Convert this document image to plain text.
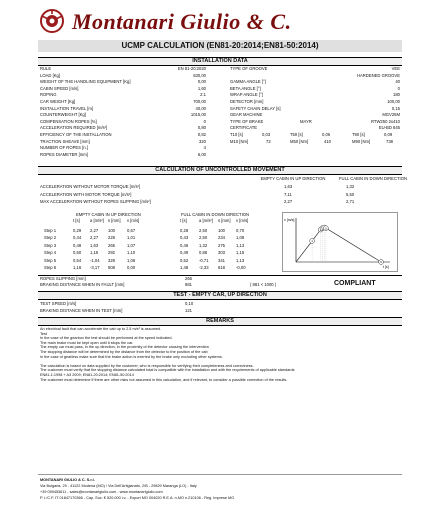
Montanari Giulio & C.
UCMP CALCULATION (EN81-20:2014;EN81-50:2014)
INSTALLATION DATA
RULE	EN 81-20:2020
LOAD [Kg]	630,00
WEIGHT OF THE HANDLING EQUIPMENT [Kg]	0,00
CABIN SPEED [m/s]	1,60
ROPING	2:1
CAR WEIGHT [Kg]	700,00
INSTALLATION TRAVEL [m]	40,00
COUNTERWEIGHT [Kg]	1015,00
COMPENSATION ROPES [%]	0
ACCELERATION REQUIRED [m/s²]	0,80
EFFICIENCY OF THE INSTALLATION	0,82
TRACTION SHEAVE [mm]	320
NUMBER OF ROPES [n.]	4
ROPES DIAMETER [mm]	6,00
TYPE OF GROOVE	VEE
HARDENED GROOVE
GAMMA ANGLE [°]	40
BETA ANGLE [°]	0
WRAP ANGLE [°]	180
DETECTOR [mm]	100,00
SAFETY CHAIN DELAY [s]	0,15
GEAR MACHINE	MGV25M
TYPE OF BRAKE	RTW250 2x410
CERTIFICATE	EU-BD 845
MAYR
T10 [s]	0,03	T50 [s]	0,06	T90 [s]	0,09
M10 [Nm]	72	M50 [Nm]	410	M90 [Nm]	738
CALCULATION OF UNCONTROLLED MOVEMENT
EMPTY CABIN IN UP DIRECTION	FULL CABIN IN DOWN DIRECTION
ACCELERATION WITHOUT MOTOR TORQUE [m/s²]	1,63	1,32
ACCELERATION WITH MOTOR TORQUE [m/s²]	7,11	5,50
MAX ACCELERATION WITHOUT ROPES SLIPPING [m/s²]	2,27	2,71
EMPTY CABIN IN UP DIRECTION	FULL CABIN IN DOWN DIRECTION
t [s]	t [s]
a [m/s²]	a [m/s²]
s [mm]	s [mm]
v [m/s]	v [m/s]
Step 1	0,29 2,27 100	0,67	0,28	2,50	100	0,70
Step 2	0,44 2,27 228	1,01	0,43	2,50	234	1,08
Step 3	0,48 1,63 265	1,07	0,46	1,32	275	1,13
Step 4	0,50 1,16 292	1,10	0,49	0,86	303	1,15
Step 5	0,54 -1,04 328	1,06	0,52	-0,71 341	1,13
Step 6	1,16 -3,17 508	0,00	1,48	-2,33 618	-0,00
v [m/s]
t [s]
1
5
6
ROPES SLIPPING [mm]	266
BRAKING DISTANCE WHEN IN FAULT [mm]	881	( 881 < 1000 )	COMPLIANT
TEST - EMPTY CAR, UP DIRECTION
TEST SPEED [m/s]	0,10
BRAKING DISTANCE WHEN IN TEST [mm]	121
REMARKS
An electrical fault that can accelerate the cab up to 2.5 m/s² is assumed.
Test
In the case of the gearbox the test should be performed at the speed indicated.
The main brake must be kept open until it stops the car.
The empty car must pass, in the up direction, in the proximity of the detector causing the intervention
The stopping distance will be determined by the distance from the detector to the position of the cab
In the case of gearless make sure that the brake action is exerted by the brake only excluding other systems.

The calculation is based on data supplied by the customer, who is responsible for verifying their completeness and correctness.
The customer must verify that the stopping distance calculated total is compatible with the installation and with the requirements of applicable standards
EN81-1:1998 + A3 2009; EN81-20:2014; EN81-50:2014
The customer must determine if there are other risks not assumed in this calculation, and if relevant, to consider a possible correction of the results.
MONTANARI GIULIO & C. S.r.l.
Via Bulgaria, 29 - 41122 Modena (MO) / Via Dell'Artigianato, 2/B - 29829 Maranga (LO) - Italy
+39 059453611 - sales@montanarigiulio.com - www.montanarigiulio.com
P. I./C.F. IT 01847170366 - Cap. Soc. € 520.000 i.v. - Export MO 004020 R.E.A. n.MO n.210106 - Reg. Imprese MO
